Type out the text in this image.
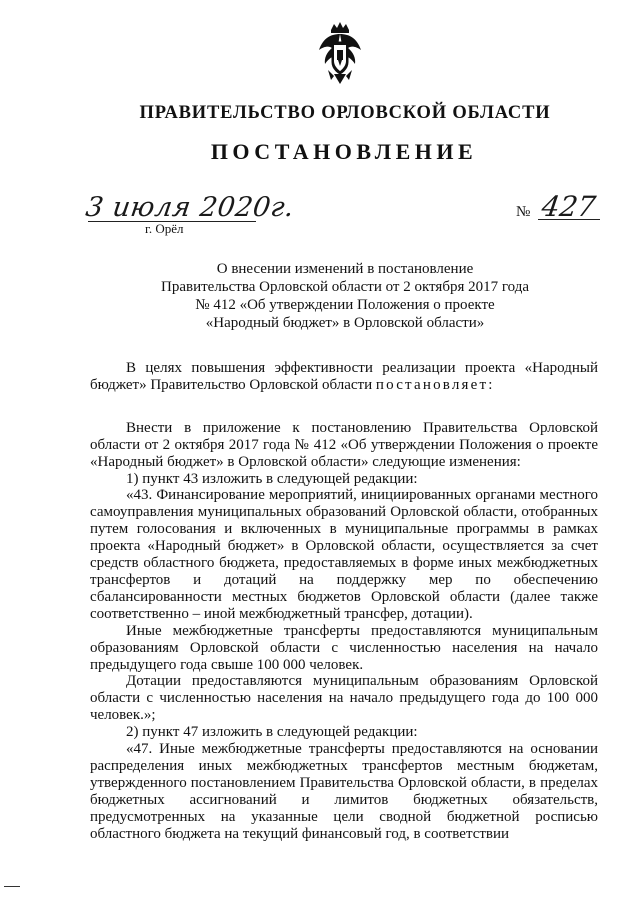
ПРАВИТЕЛЬСТВО ОРЛОВСКОЙ ОБЛАСТИ
ПОСТАНОВЛЕНИЕ
3 июля 2020г.
г. Орёл
№ 427
О внесении изменений в постановление
Правительства Орловской области от 2 октября 2017 года
№ 412 «Об утверждении Положения о проекте
«Народный бюджет» в Орловской области»

В целях повышения эффективности реализации проекта «Народный бюджет» Правительство Орловской области постановляет:

Внести в приложение к постановлению Правительства Орловской области от 2 октября 2017 года № 412 «Об утверждении Положения о проекте «Народный бюджет» в Орловской области» следующие изменения:

1) пункт 43 изложить в следующей редакции:

«43. Финансирование мероприятий, инициированных органами местного самоуправления муниципальных образований Орловской области, отобранных путем голосования и включенных в муниципальные программы в рамках проекта «Народный бюджет» в Орловской области, осуществляется за счет средств областного бюджета, предоставляемых в форме иных межбюджетных трансфертов и дотаций на поддержку мер по обеспечению сбалансированности местных бюджетов Орловской области (далее также соответственно – иной межбюджетный трансфер, дотации).

Иные межбюджетные трансферты предоставляются муниципальным образованиям Орловской области с численностью населения на начало предыдущего года свыше 100 000 человек.

Дотации предоставляются муниципальным образованиям Орловской области с численностью населения на начало предыдущего года до 100 000 человек.»;

2) пункт 47 изложить в следующей редакции:

«47. Иные межбюджетные трансферты предоставляются на основании распределения иных межбюджетных трансфертов местным бюджетам, утвержденного постановлением Правительства Орловской области, в пределах бюджетных ассигнований и лимитов бюджетных обязательств, предусмотренных на указанные цели сводной бюджетной росписью областного бюджета на текущий финансовый год, в соответствии
